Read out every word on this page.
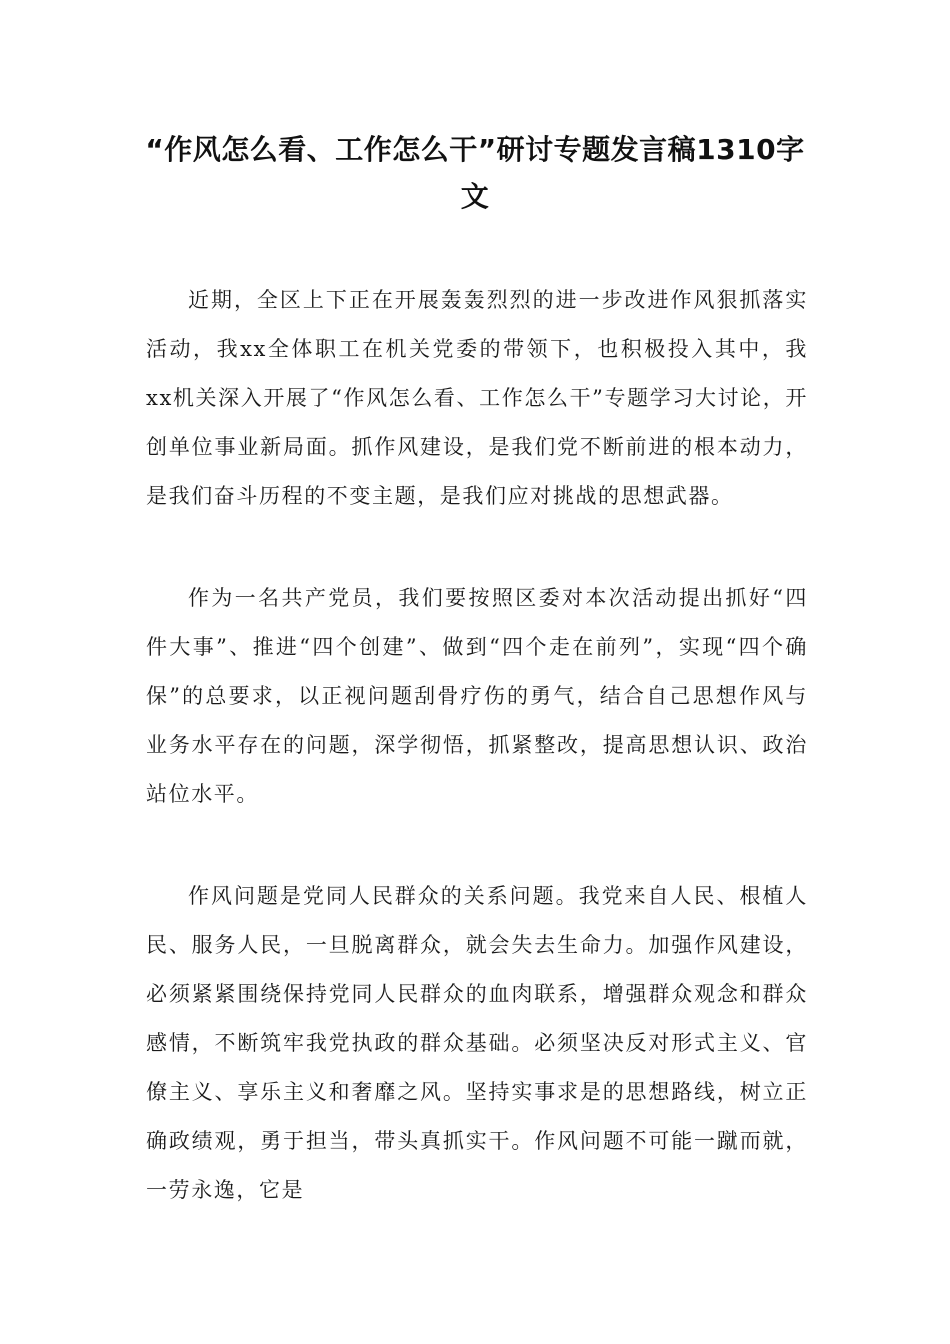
“作风怎么看、工作怎么干”研讨专题发言稿1310字文

近期，全区上下正在开展轰轰烈烈的进一步改进作风狠抓落实活动，我xx全体职工在机关党委的带领下，也积极投入其中，我xx机关深入开展了“作风怎么看、工作怎么干”专题学习大讨论，开创单位事业新局面。抓作风建设，是我们党不断前进的根本动力，是我们奋斗历程的不变主题，是我们应对挑战的思想武器。

作为一名共产党员，我们要按照区委对本次活动提出抓好“四件大事”、推进“四个创建”、做到“四个走在前列”，实现“四个确保”的总要求，以正视问题刮骨疗伤的勇气，结合自己思想作风与业务水平存在的问题，深学彻悟，抓紧整改，提高思想认识、政治站位水平。

作风问题是党同人民群众的关系问题。我党来自人民、根植人民、服务人民，一旦脱离群众，就会失去生命力。加强作风建设，必须紧紧围绕保持党同人民群众的血肉联系，增强群众观念和群众感情，不断筑牢我党执政的群众基础。必须坚决反对形式主义、官僚主义、享乐主义和奢靡之风。坚持实事求是的思想路线，树立正确政绩观，勇于担当，带头真抓实干。作风问题不可能一蹴而就，一劳永逸，它是
